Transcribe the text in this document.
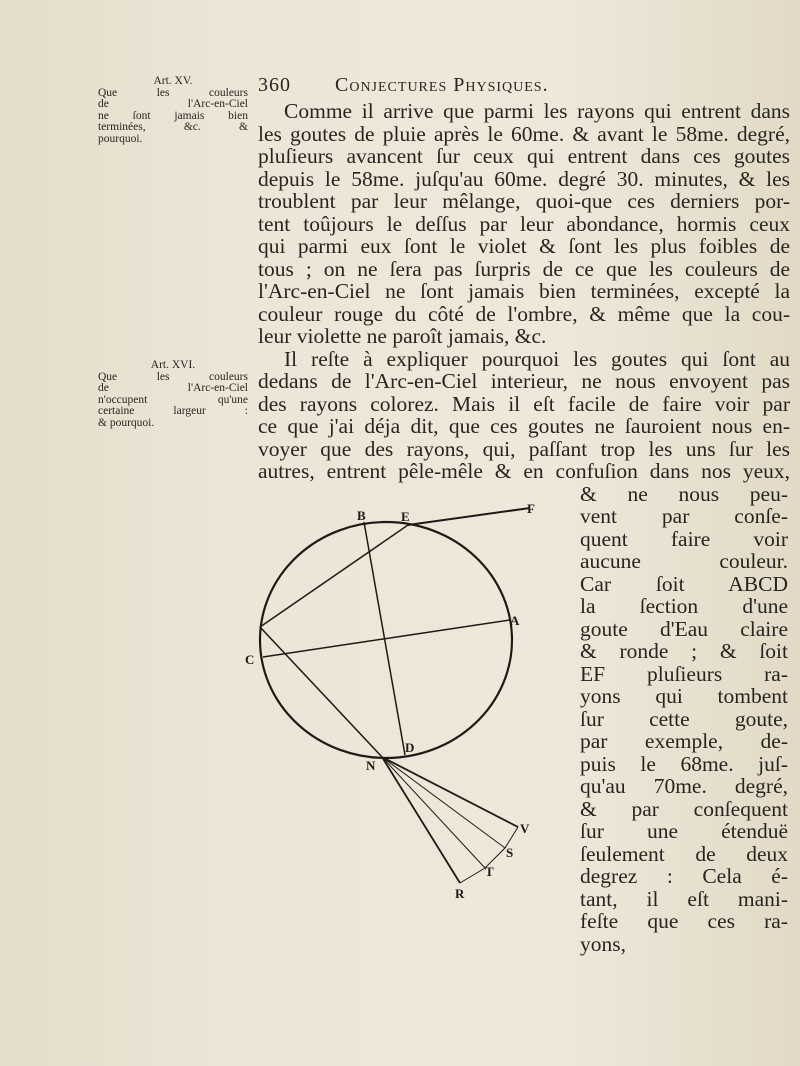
360 Conjectures Physiques.
Art. XV.
Que les couleurs
de l'Arc-en-Ciel
ne ſont jamais bien
terminées, &c. &
pourquoi.
Art. XVI.
Que les couleurs
de l'Arc-en-Ciel
n'occupent qu'une
certaine largeur :
& pourquoi.
Comme il arrive que parmi les rayons qui entrent dans
les goutes de pluie après le 60me. & avant le 58me. degré,
pluſieurs avancent ſur ceux qui entrent dans ces goutes
depuis le 58me. juſqu'au 60me. degré 30. minutes, & les
troublent par leur mêlange, quoi-que ces derniers por-
tent toûjours le deſſus par leur abondance, hormis ceux
qui parmi eux ſont le violet & ſont les plus foibles de
tous ; on ne ſera pas ſurpris de ce que les couleurs de
l'Arc-en-Ciel ne ſont jamais bien terminées, excepté la
couleur rouge du côté de l'ombre, & même que la cou-
leur violette ne paroît jamais, &c.
Il reſte à expliquer pourquoi les goutes qui ſont au
dedans de l'Arc-en-Ciel interieur, ne nous envoyent pas
des rayons colorez. Mais il eſt facile de faire voir par
ce que j'ai déja dit, que ces goutes ne ſauroient nous en-
voyer que des rayons, qui, paſſant trop les uns ſur les
autres, entrent pêle-mêle & en confuſion dans nos yeux,
& ne nous peu-
vent par conſe-
quent faire voir
aucune couleur.
Car ſoit ABCD
la ſection d'une
goute d'Eau claire
& ronde ; & ſoit
EF pluſieurs ra-
yons qui tombent
ſur cette goute,
par exemple, de-
puis le 68me. juſ-
qu'au 70me. degré,
& par conſequent
ſur une étenduë
ſeulement de deux
degrez : Cela é-
tant, il eſt mani-
feſte que ces ra-
yons,
B	E
F
A
C
D
N
V
S
T
R
